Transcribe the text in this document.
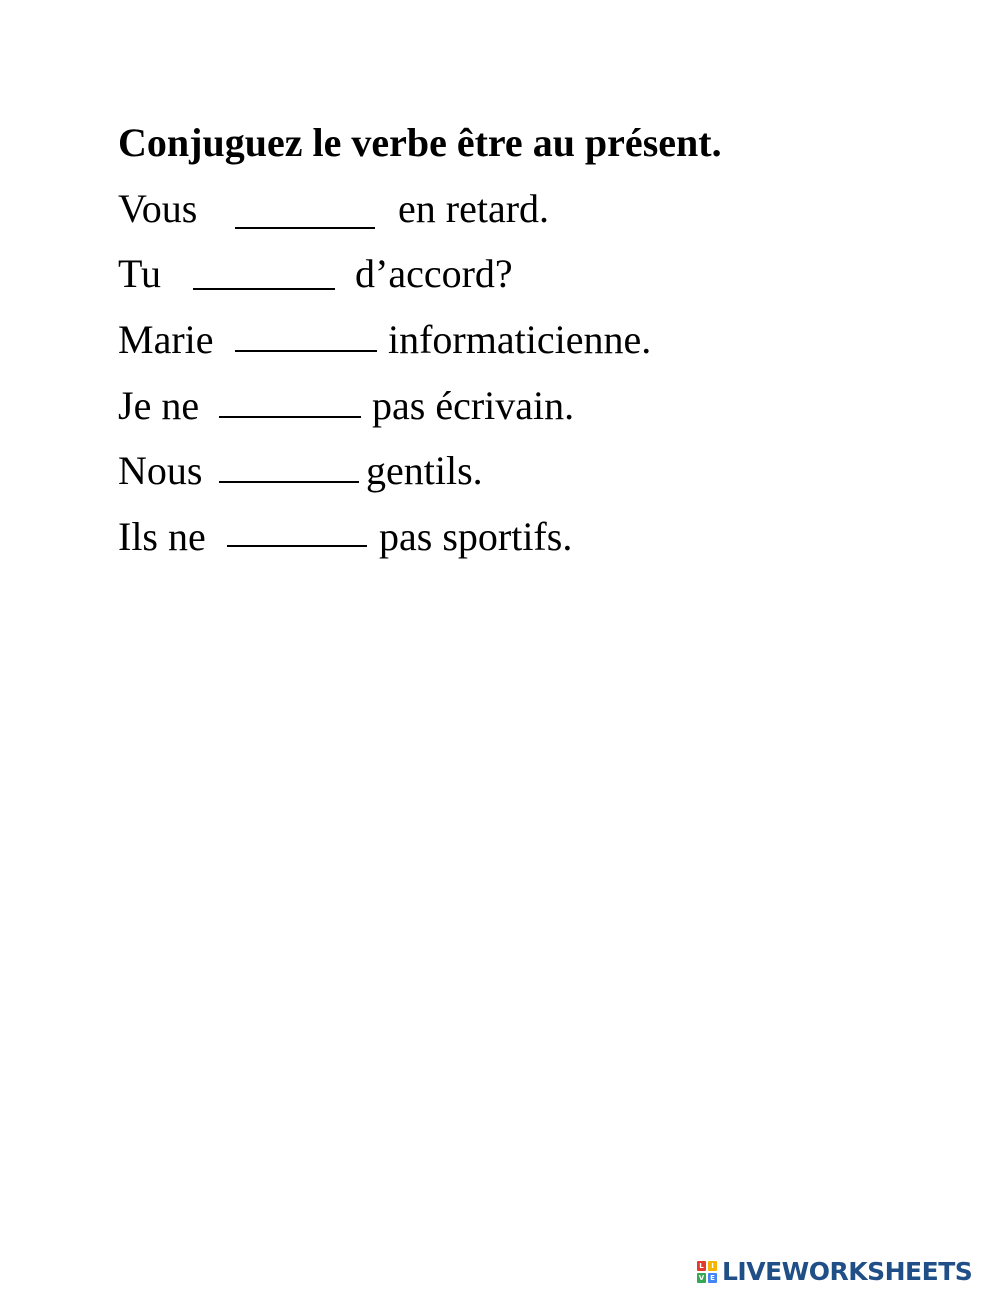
Conjuguez le verbe être au présent.
Vous	en retard.
Tu	d’accord?
Marie	informaticienne.
Je ne	pas écrivain.
Nous	gentils.
Ils ne	pas sportifs.
L	I
V E LIVEWORKSHEETS
